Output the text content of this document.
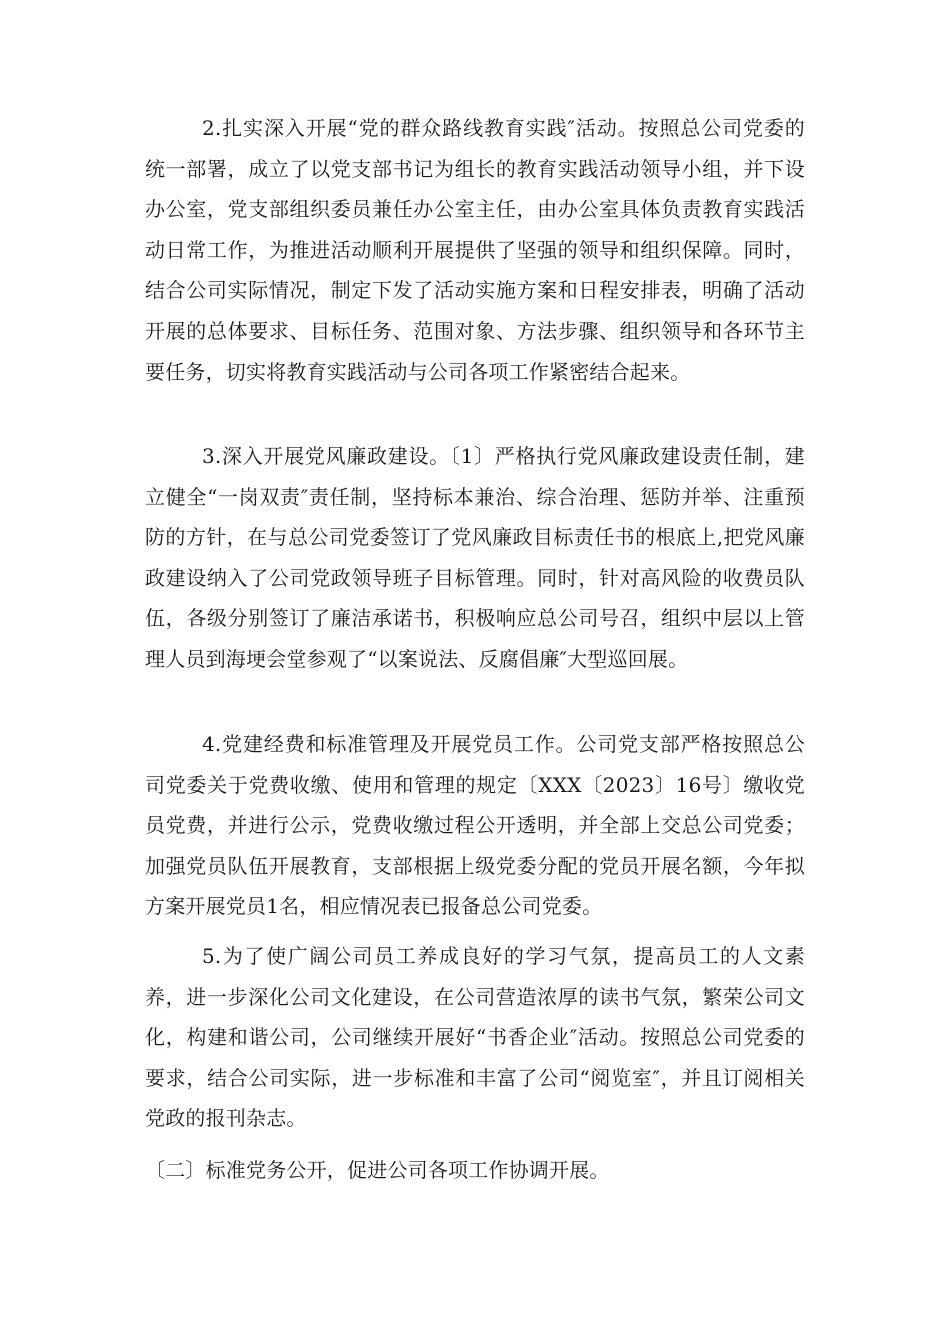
2.扎实深入开展“党的群众路线教育实践″活动。按照总公司党委的统一部署，成立了以党支部书记为组长的教育实践活动领导小组，并下设办公室，党支部组织委员兼任办公室主任，由办公室具体负责教育实践活动日常工作，为推进活动顺利开展提供了坚强的领导和组织保障。同时，结合公司实际情况，制定下发了活动实施方案和日程安排表，明确了活动开展的总体要求、目标任务、范围对象、方法步骤、组织领导和各环节主要任务，切实将教育实践活动与公司各项工作紧密结合起来。

3.深入开展党风廉政建设。〔1〕严格执行党风廉政建设责任制，建立健全“一岗双责″责任制，坚持标本兼治、综合治理、惩防并举、注重预防的方针，在与总公司党委签订了党风廉政目标责任书的根底上,把党风廉政建设纳入了公司党政领导班子目标管理。同时，针对高风险的收费员队伍，各级分别签订了廉洁承诺书，积极响应总公司号召，组织中层以上管理人员到海埂会堂参观了“以案说法、反腐倡廉″大型巡回展。

4.党建经费和标准管理及开展党员工作。公司党支部严格按照总公司党委关于党费收缴、使用和管理的规定〔XXX〔2023〕16号〕缴收党员党费，并进行公示，党费收缴过程公开透明，并全部上交总公司党委；加强党员队伍开展教育，支部根据上级党委分配的党员开展名额，今年拟方案开展党员1名，相应情况表已报备总公司党委。

5.为了使广阔公司员工养成良好的学习气氛，提高员工的人文素养，进一步深化公司文化建设，在公司营造浓厚的读书气氛，繁荣公司文化，构建和谐公司，公司继续开展好“书香企业″活动。按照总公司党委的要求，结合公司实际，进一步标准和丰富了公司“阅览室″，并且订阅相关党政的报刊杂志。

〔二〕标准党务公开，促进公司各项工作协调开展。
